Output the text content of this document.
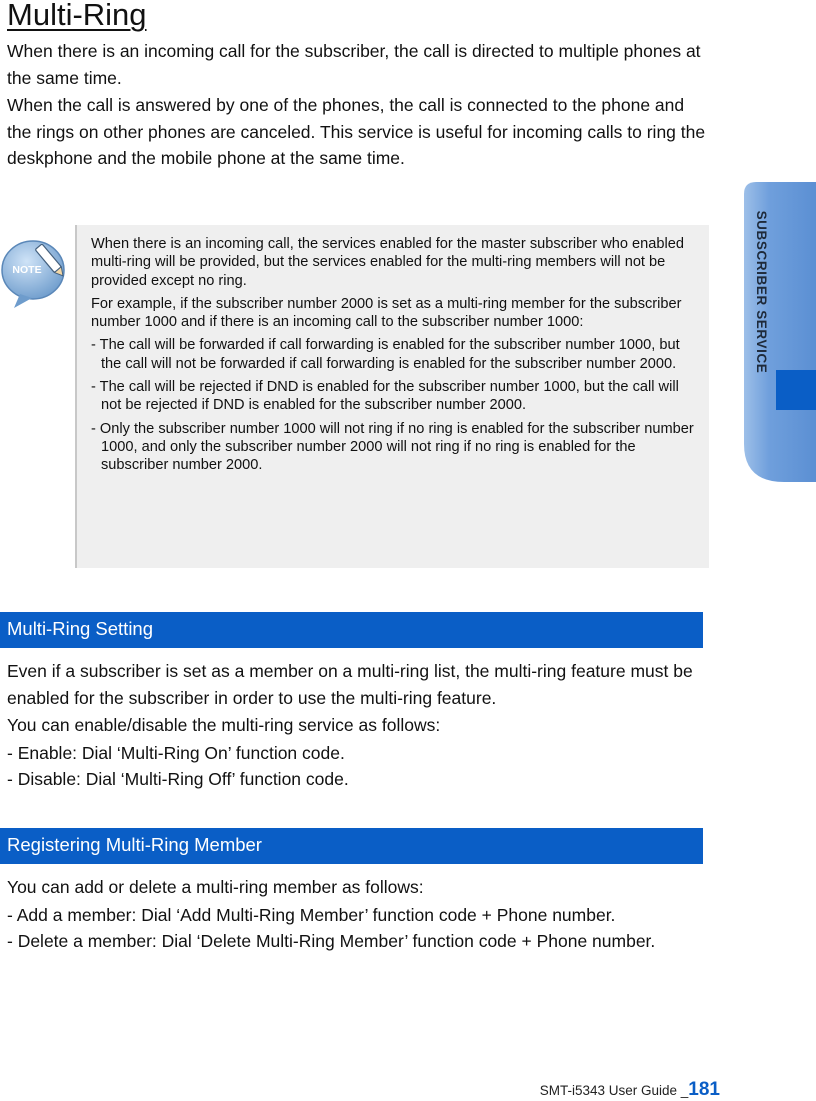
Multi-Ring

When there is an incoming call for the subscriber, the call is directed to multiple phones at the same time.

When the call is answered by one of the phones, the call is connected to the phone and the rings on other phones are canceled. This service is useful for incoming calls to ring the deskphone and the mobile phone at the same time.

NOTE

When there is an incoming call, the services enabled for the master subscriber who enabled multi-ring will be provided, but the services enabled for the multi-ring members will not be provided except no ring.

For example, if the subscriber number 2000 is set as a multi-ring member for the subscriber number 1000 and if there is an incoming call to the subscriber number 1000:

- The call will be forwarded if call forwarding is enabled for the subscriber number 1000, but the call will not be forwarded if call forwarding is enabled for the subscriber number 2000.

- The call will be rejected if DND is enabled for the subscriber number 1000, but the call will not be rejected if DND is enabled for the subscriber number 2000.

- Only the subscriber number 1000 will not ring if no ring is enabled for the subscriber number 1000, and only the subscriber number 2000 will not ring if no ring is enabled for the subscriber number 2000.

Multi-Ring Setting

Even if a subscriber is set as a member on a multi-ring list, the multi-ring feature must be enabled for the subscriber in order to use the multi-ring feature.

You can enable/disable the multi-ring service as follows:

- Enable: Dial ‘Multi-Ring On’ function code.

- Disable: Dial ‘Multi-Ring Off’ function code.

Registering Multi-Ring Member

You can add or delete a multi-ring member as follows:

- Add a member: Dial ‘Add Multi-Ring Member’ function code + Phone number.

- Delete a member: Dial ‘Delete Multi-Ring Member’ function code + Phone number.

SUBSCRIBER SERVICE
SMT-i5343 User Guide _181
